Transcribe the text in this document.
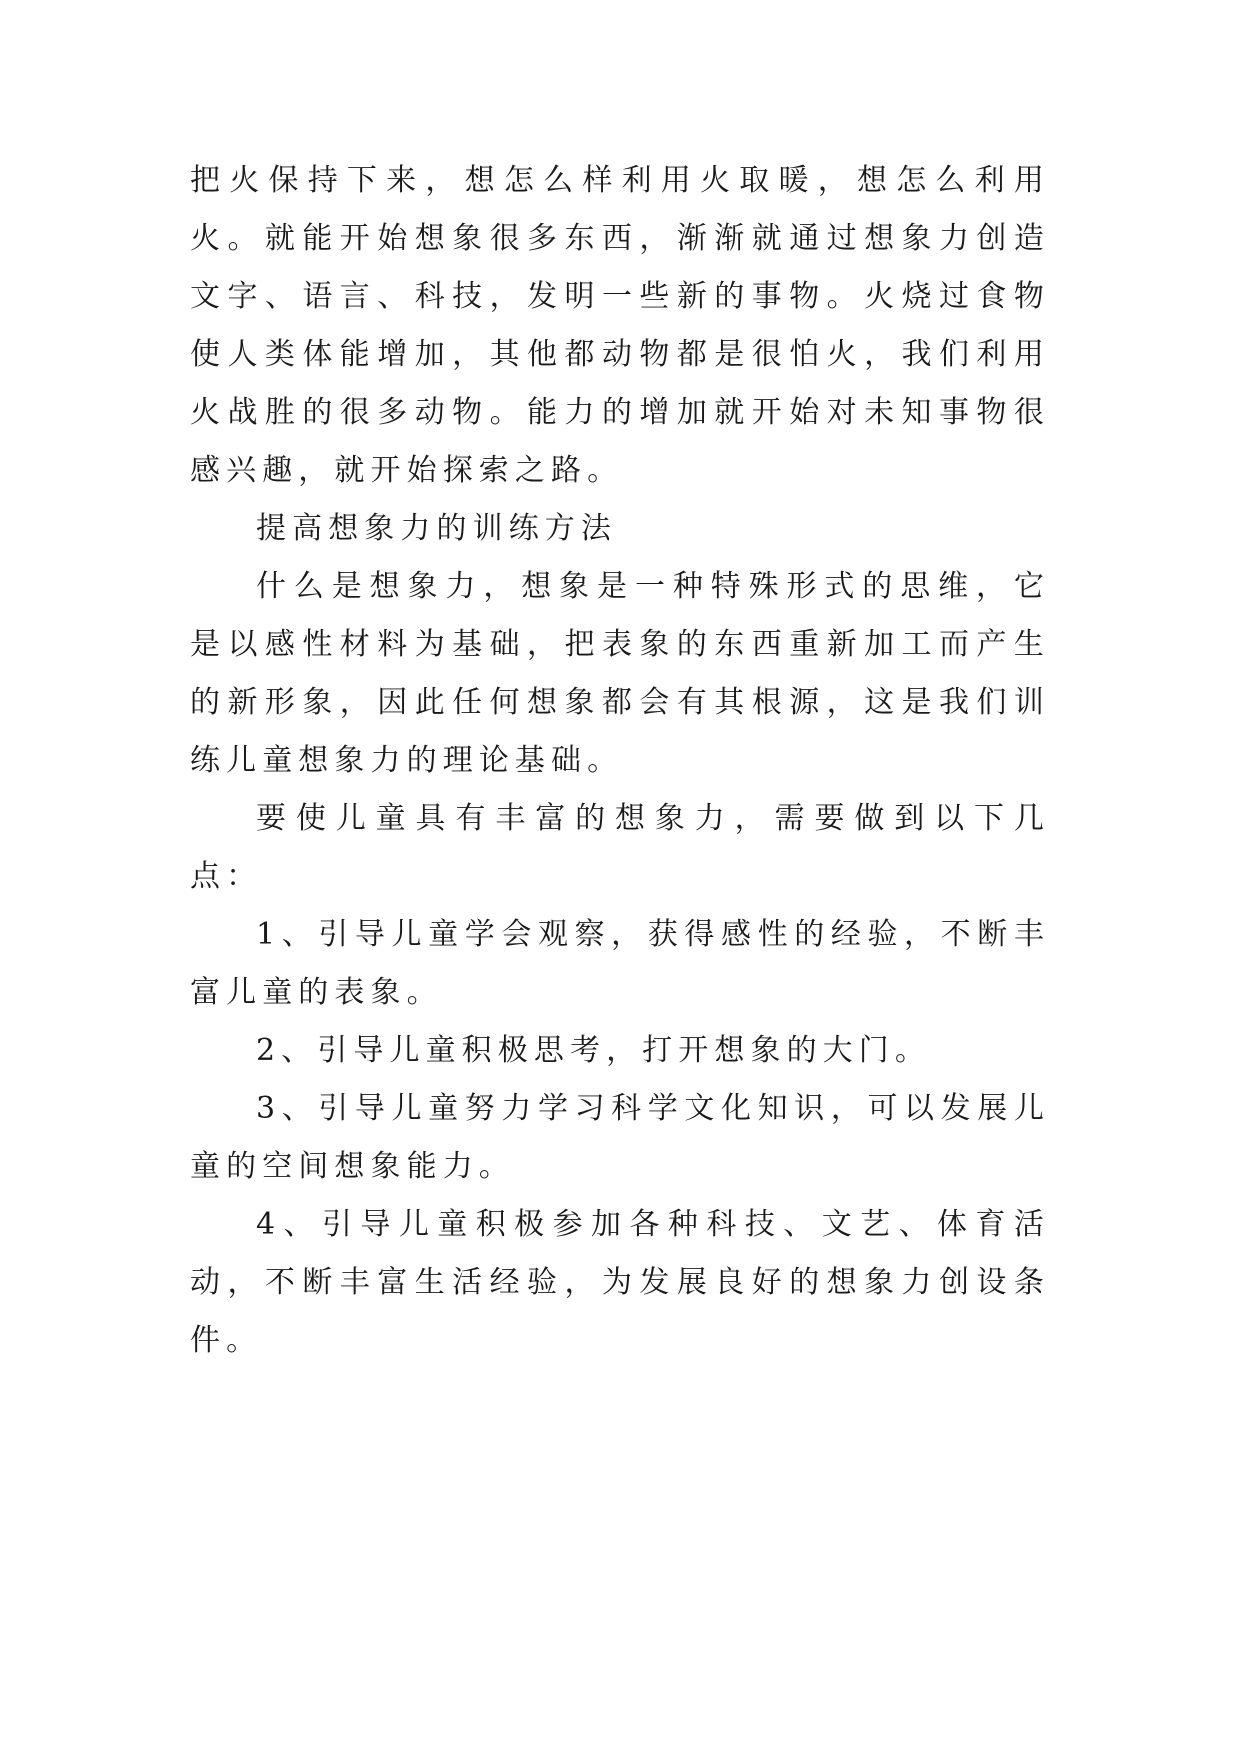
把火保持下来，想怎么样利用火取暖，想怎么利用火。就能开始想象很多东西，渐渐就通过想象力创造文字、语言、科技，发明一些新的事物。火烧过食物使人类体能增加，其他都动物都是很怕火，我们利用火战胜的很多动物。能力的增加就开始对未知事物很感兴趣，就开始探索之路。

提高想象力的训练方法

什么是想象力，想象是一种特殊形式的思维，它是以感性材料为基础，把表象的东西重新加工而产生的新形象，因此任何想象都会有其根源，这是我们训练儿童想象力的理论基础。

要使儿童具有丰富的想象力，需要做到以下几点：

1、引导儿童学会观察，获得感性的经验，不断丰富儿童的表象。

2、引导儿童积极思考，打开想象的大门。

3、引导儿童努力学习科学文化知识，可以发展儿童的空间想象能力。

4、引导儿童积极参加各种科技、文艺、体育活动，不断丰富生活经验，为发展良好的想象力创设条件。
